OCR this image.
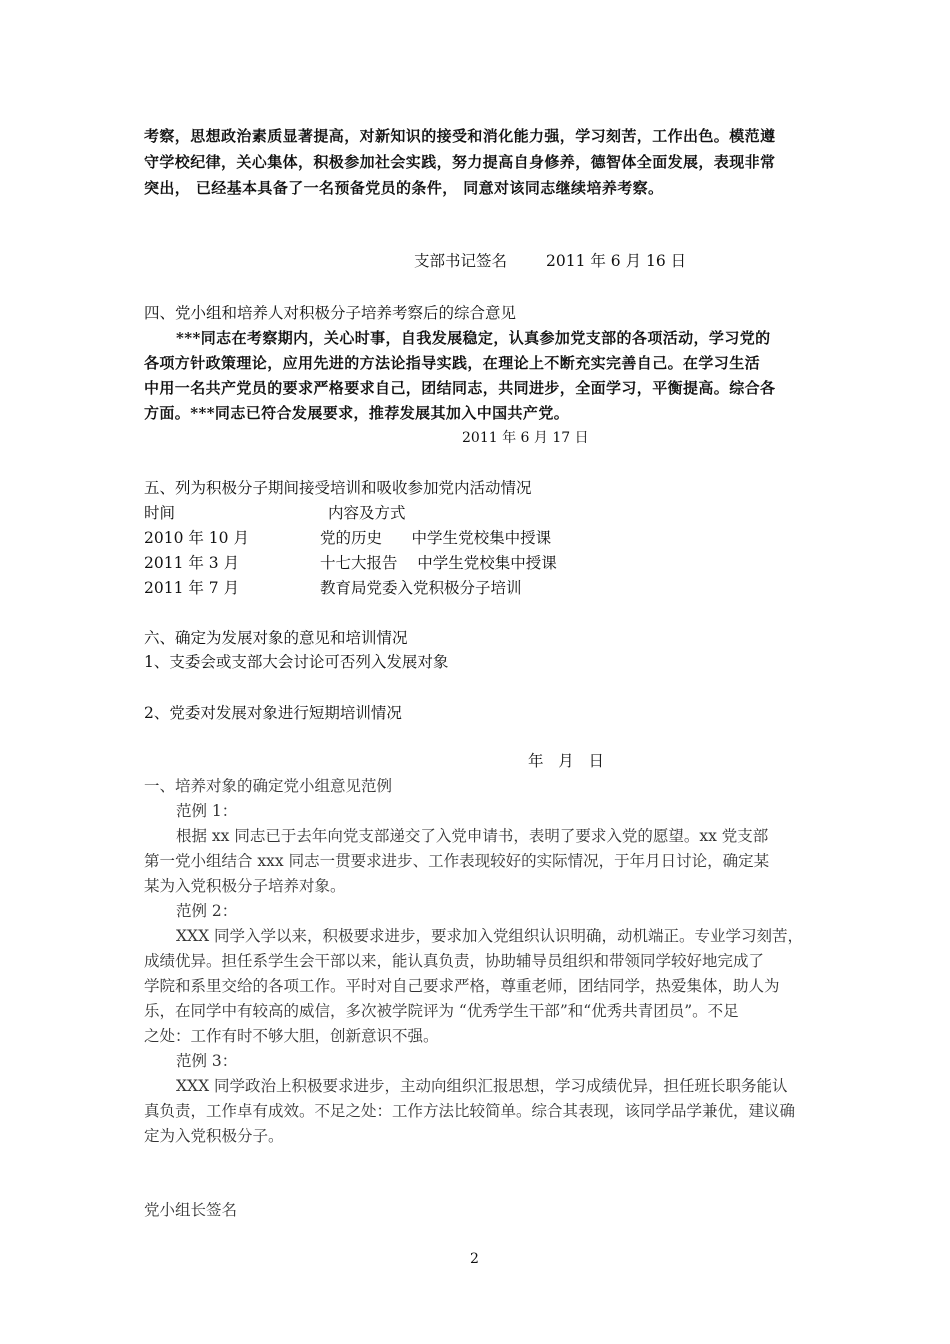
考察，思想政治素质显著提高，对新知识的接受和消化能力强，学习刻苦，工作出色。模范遵
守学校纪律，关心集体，积极参加社会实践，努力提高自身修养，德智体全面发展，表现非常
突出， 已经基本具备了一名预备党员的条件， 同意对该同志继续培养考察。
支部书记签名	2011 年 6 月 16 日
四、党小组和培养人对积极分子培养考察后的综合意见
***同志在考察期内，关心时事，自我发展稳定，认真参加党支部的各项活动，学习党的
各项方针政策理论，应用先进的方法论指导实践，在理论上不断充实完善自己。在学习生活
中用一名共产党员的要求严格要求自己，团结同志，共同进步，全面学习，平衡提高。综合各
方面。***同志已符合发展要求，推荐发展其加入中国共产党。
2011 年 6 月 17 日
五、列为积极分子期间接受培训和吸收参加党内活动情况
时间	内容及方式
2010 年 10 月	党的历史      中学生党校集中授课
2011 年 3 月	十七大报告    中学生党校集中授课
2011 年 7 月	教育局党委入党积极分子培训
六、确定为发展对象的意见和培训情况
1、支委会或支部大会讨论可否列入发展对象
2、党委对发展对象进行短期培训情况
年   月   日
一、培养对象的确定党小组意见范例
范例 1：
根据 xx 同志已于去年向党支部递交了入党申请书，表明了要求入党的愿望。xx 党支部
第一党小组结合 xxx 同志一贯要求进步、工作表现较好的实际情况，于年月日讨论，确定某
某为入党积极分子培养对象。
范例 2：
XXX 同学入学以来，积极要求进步，要求加入党组织认识明确，动机端正。专业学习刻苦，
成绩优异。担任系学生会干部以来，能认真负责，协助辅导员组织和带领同学较好地完成了
学院和系里交给的各项工作。平时对自己要求严格，尊重老师，团结同学，热爱集体，助人为
乐，在同学中有较高的威信，多次被学院评为 “优秀学生干部”和“优秀共青团员”。不足
之处：工作有时不够大胆，创新意识不强。
范例 3：
XXX 同学政治上积极要求进步，主动向组织汇报思想，学习成绩优异，担任班长职务能认
真负责，工作卓有成效。不足之处：工作方法比较简单。综合其表现，该同学品学兼优，建议确
定为入党积极分子。
党小组长签名
2
